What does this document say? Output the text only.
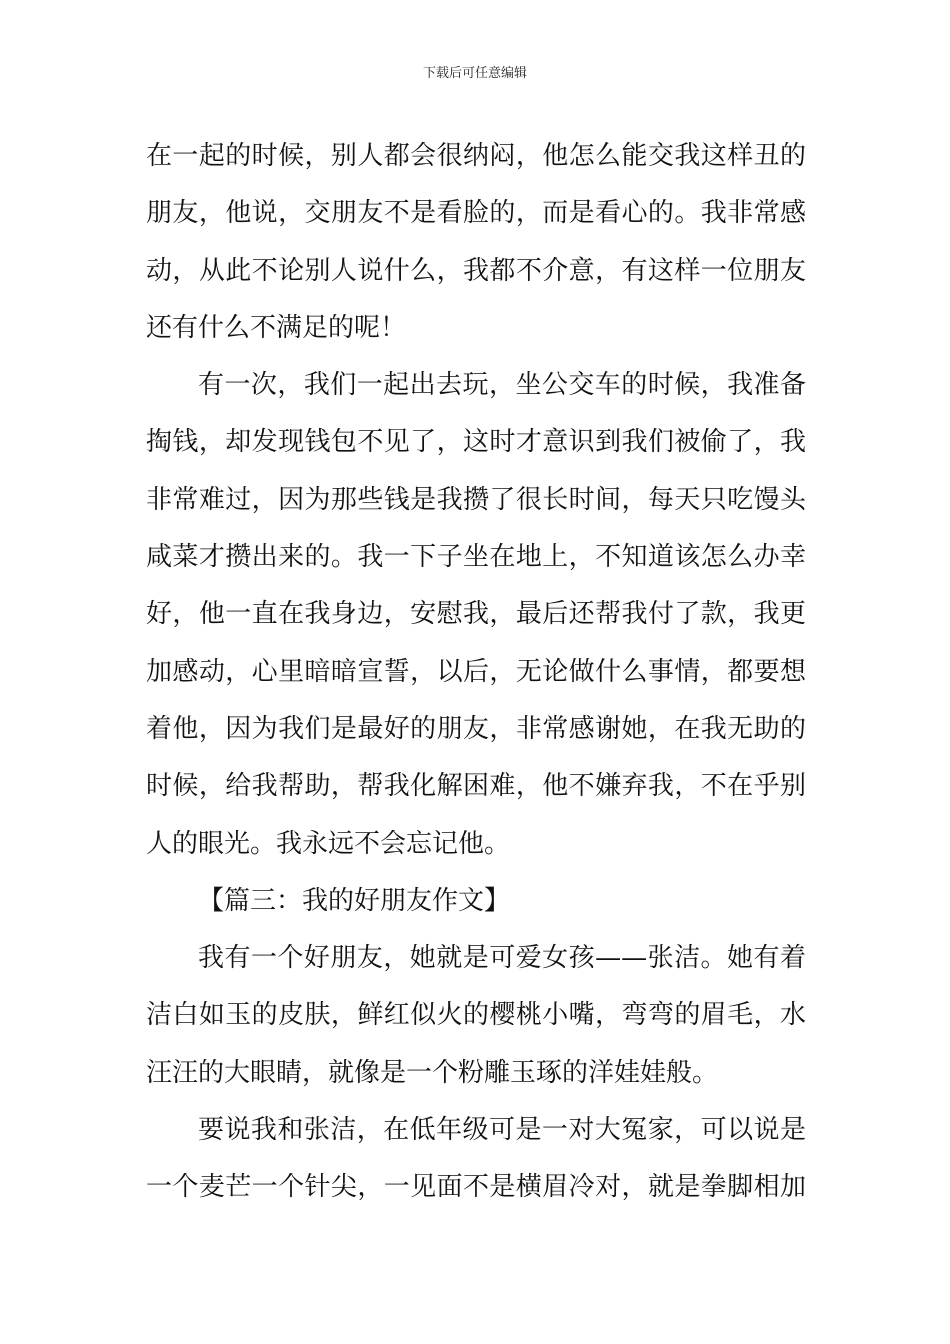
下载后可任意编辑
在一起的时候，别人都会很纳闷，他怎么能交我这样丑的
朋友，他说，交朋友不是看脸的，而是看心的。我非常感
动，从此不论别人说什么，我都不介意，有这样一位朋友
还有什么不满足的呢！
有一次，我们一起出去玩，坐公交车的时候，我准备
掏钱，却发现钱包不见了，这时才意识到我们被偷了，我
非常难过，因为那些钱是我攒了很长时间，每天只吃馒头
咸菜才攒出来的。我一下子坐在地上，不知道该怎么办幸
好，他一直在我身边，安慰我，最后还帮我付了款，我更
加感动，心里暗暗宣誓，以后，无论做什么事情，都要想
着他，因为我们是最好的朋友，非常感谢她，在我无助的
时候，给我帮助，帮我化解困难，他不嫌弃我，不在乎别
人的眼光。我永远不会忘记他。
【篇三：我的好朋友作文】
我有一个好朋友，她就是可爱女孩——张洁。她有着
洁白如玉的皮肤，鲜红似火的樱桃小嘴，弯弯的眉毛，水
汪汪的大眼睛，就像是一个粉雕玉琢的洋娃娃般。
要说我和张洁，在低年级可是一对大冤家，可以说是
一个麦芒一个针尖，一见面不是横眉冷对，就是拳脚相加
